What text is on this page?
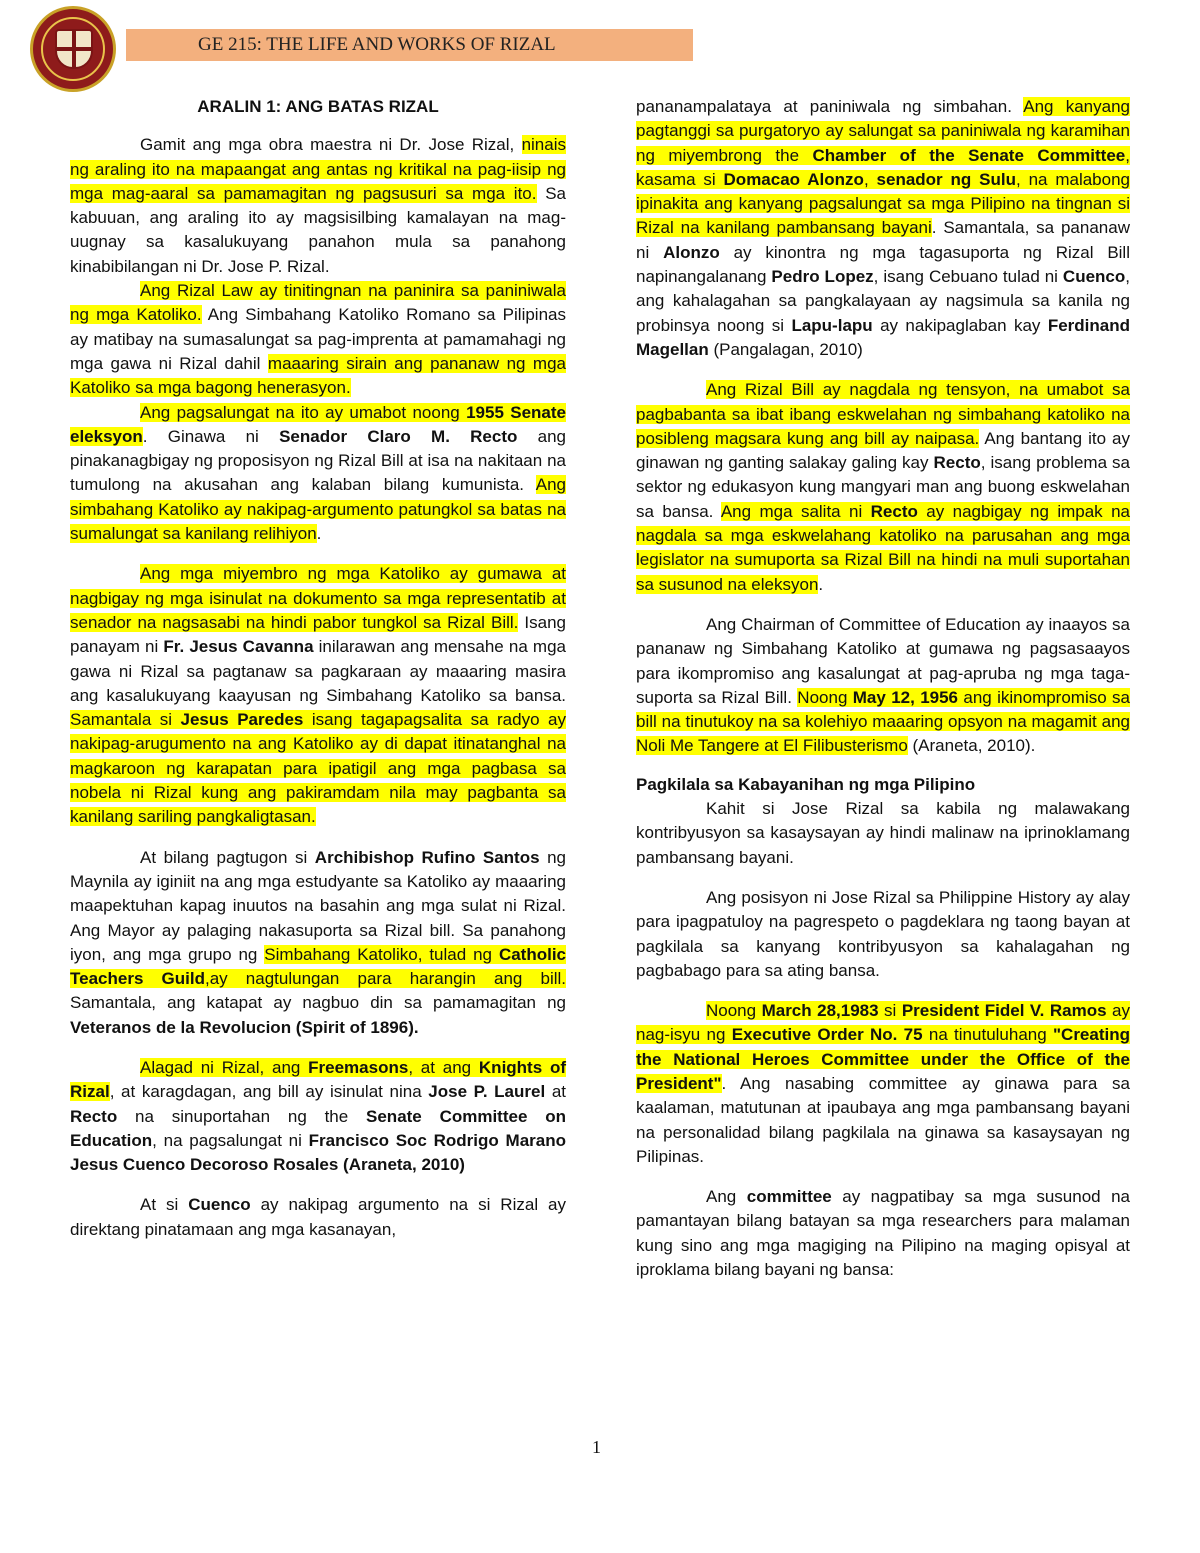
GE 215: THE LIFE AND WORKS OF RIZAL

ARALIN 1: ANG BATAS RIZAL

Gamit ang mga obra maestra ni Dr. Jose Rizal, ninais ng araling ito na mapaangat ang antas ng kritikal na pag-iisip ng mga mag-aaral sa pamamagitan ng pagsusuri sa mga ito. Sa kabuuan, ang araling ito ay magsisilbing kamalayan na mag-uugnay sa kasalukuyang panahon mula sa panahong kinabibilangan ni Dr. Jose P. Rizal.

Ang Rizal Law ay tinitingnan na paninira sa paniniwala ng mga Katoliko. Ang Simbahang Katoliko Romano sa Pilipinas ay matibay na sumasalungat sa pag-imprenta at pamamahagi ng mga gawa ni Rizal dahil maaaring sirain ang pananaw ng mga Katoliko sa mga bagong henerasyon.

Ang pagsalungat na ito ay umabot noong 1955 Senate eleksyon. Ginawa ni Senador Claro M. Recto ang pinakanagbigay ng proposisyon ng Rizal Bill at isa na nakitaan na tumulong na akusahan ang kalaban bilang kumunista. Ang simbahang Katoliko ay nakipag-argumento patungkol sa batas na sumalungat sa kanilang relihiyon.

Ang mga miyembro ng mga Katoliko ay gumawa at nagbigay ng mga isinulat na dokumento sa mga representatib at senador na nagsasabi na hindi pabor tungkol sa Rizal Bill. Isang panayam ni Fr. Jesus Cavanna inilarawan ang mensahe na mga gawa ni Rizal sa pagtanaw sa pagkaraan ay maaaring masira ang kasalukuyang kaayusan ng Simbahang Katoliko sa bansa. Samantala si Jesus Paredes isang tagapagsalita sa radyo ay nakipag-arugumento na ang Katoliko ay di dapat itinatanghal na magkaroon ng karapatan para ipatigil ang mga pagbasa sa nobela ni Rizal kung ang pakiramdam nila may pagbanta sa kanilang sariling pangkaligtasan.

At bilang pagtugon si Archibishop Rufino Santos ng Maynila ay iginiit na ang mga estudyante sa Katoliko ay maaaring maapektuhan kapag inuutos na basahin ang mga sulat ni Rizal. Ang Mayor ay palaging nakasuporta sa Rizal bill. Sa panahong iyon, ang mga grupo ng Simbahang Katoliko, tulad ng Catholic Teachers Guild,ay nagtulungan para harangin ang bill. Samantala, ang katapat ay nagbuo din sa pamamagitan ng Veteranos de la Revolucion (Spirit of 1896).

Alagad ni Rizal, ang Freemasons, at ang Knights of Rizal, at karagdagan, ang bill ay isinulat nina Jose P. Laurel at Recto na sinuportahan ng the Senate Committee on Education, na pagsalungat ni Francisco Soc Rodrigo Marano Jesus Cuenco Decoroso Rosales (Araneta, 2010)

At si Cuenco ay nakipag argumento na si Rizal ay direktang pinatamaan ang mga kasanayan,

pananampalataya at paniniwala ng simbahan. Ang kanyang pagtanggi sa purgatoryo ay salungat sa paniniwala ng karamihan ng miyembrong the Chamber of the Senate Committee, kasama si Domacao Alonzo, senador ng Sulu, na malabong ipinakita ang kanyang pagsalungat sa mga Pilipino na tingnan si Rizal na kanilang pambansang bayani. Samantala, sa pananaw ni Alonzo ay kinontra ng mga tagasuporta ng Rizal Bill napinangalanang Pedro Lopez, isang Cebuano tulad ni Cuenco, ang kahalagahan sa pangkalayaan ay nagsimula sa kanila ng probinsya noong si Lapu-lapu ay nakipaglaban kay Ferdinand Magellan (Pangalagan, 2010)

Ang Rizal Bill ay nagdala ng tensyon, na umabot sa pagbabanta sa ibat ibang eskwelahan ng simbahang katoliko na posibleng magsara kung ang bill ay naipasa. Ang bantang ito ay ginawan ng ganting salakay galing kay Recto, isang problema sa sektor ng edukasyon kung mangyari man ang buong eskwelahan sa bansa. Ang mga salita ni Recto ay nagbigay ng impak na nagdala sa mga eskwelahang katoliko na parusahan ang mga legislator na sumuporta sa Rizal Bill na hindi na muli suportahan sa susunod na eleksyon.

Ang Chairman of Committee of Education ay inaayos sa pananaw ng Simbahang Katoliko at gumawa ng pagsasaayos para ikompromiso ang kasalungat at pag-apruba ng mga taga-suporta sa Rizal Bill. Noong May 12, 1956 ang ikinompromiso sa bill na tinutukoy na sa kolehiyo maaaring opsyon na magamit ang Noli Me Tangere at El Filibusterismo (Araneta, 2010).

Pagkilala sa Kabayanihan ng mga Pilipino

Kahit si Jose Rizal sa kabila ng malawakang kontribyusyon sa kasaysayan ay hindi malinaw na iprinoklamang pambansang bayani.

Ang posisyon ni Jose Rizal sa Philippine History ay alay para ipagpatuloy na pagrespeto o pagdeklara ng taong bayan at pagkilala sa kanyang kontribyusyon sa kahalagahan ng pagbabago para sa ating bansa.

Noong March 28,1983 si President Fidel V. Ramos ay nag-isyu ng Executive Order No. 75 na tinutuluhang "Creating the National Heroes Committee under the Office of the President". Ang nasabing committee ay ginawa para sa kaalaman, matutunan at ipaubaya ang mga pambansang bayani na personalidad bilang pagkilala na ginawa sa kasaysayan ng Pilipinas.

Ang committee ay nagpatibay sa mga susunod na pamantayan bilang batayan sa mga researchers para malaman kung sino ang mga magiging na Pilipino na maging opisyal at iproklama bilang bayani ng bansa:

1
